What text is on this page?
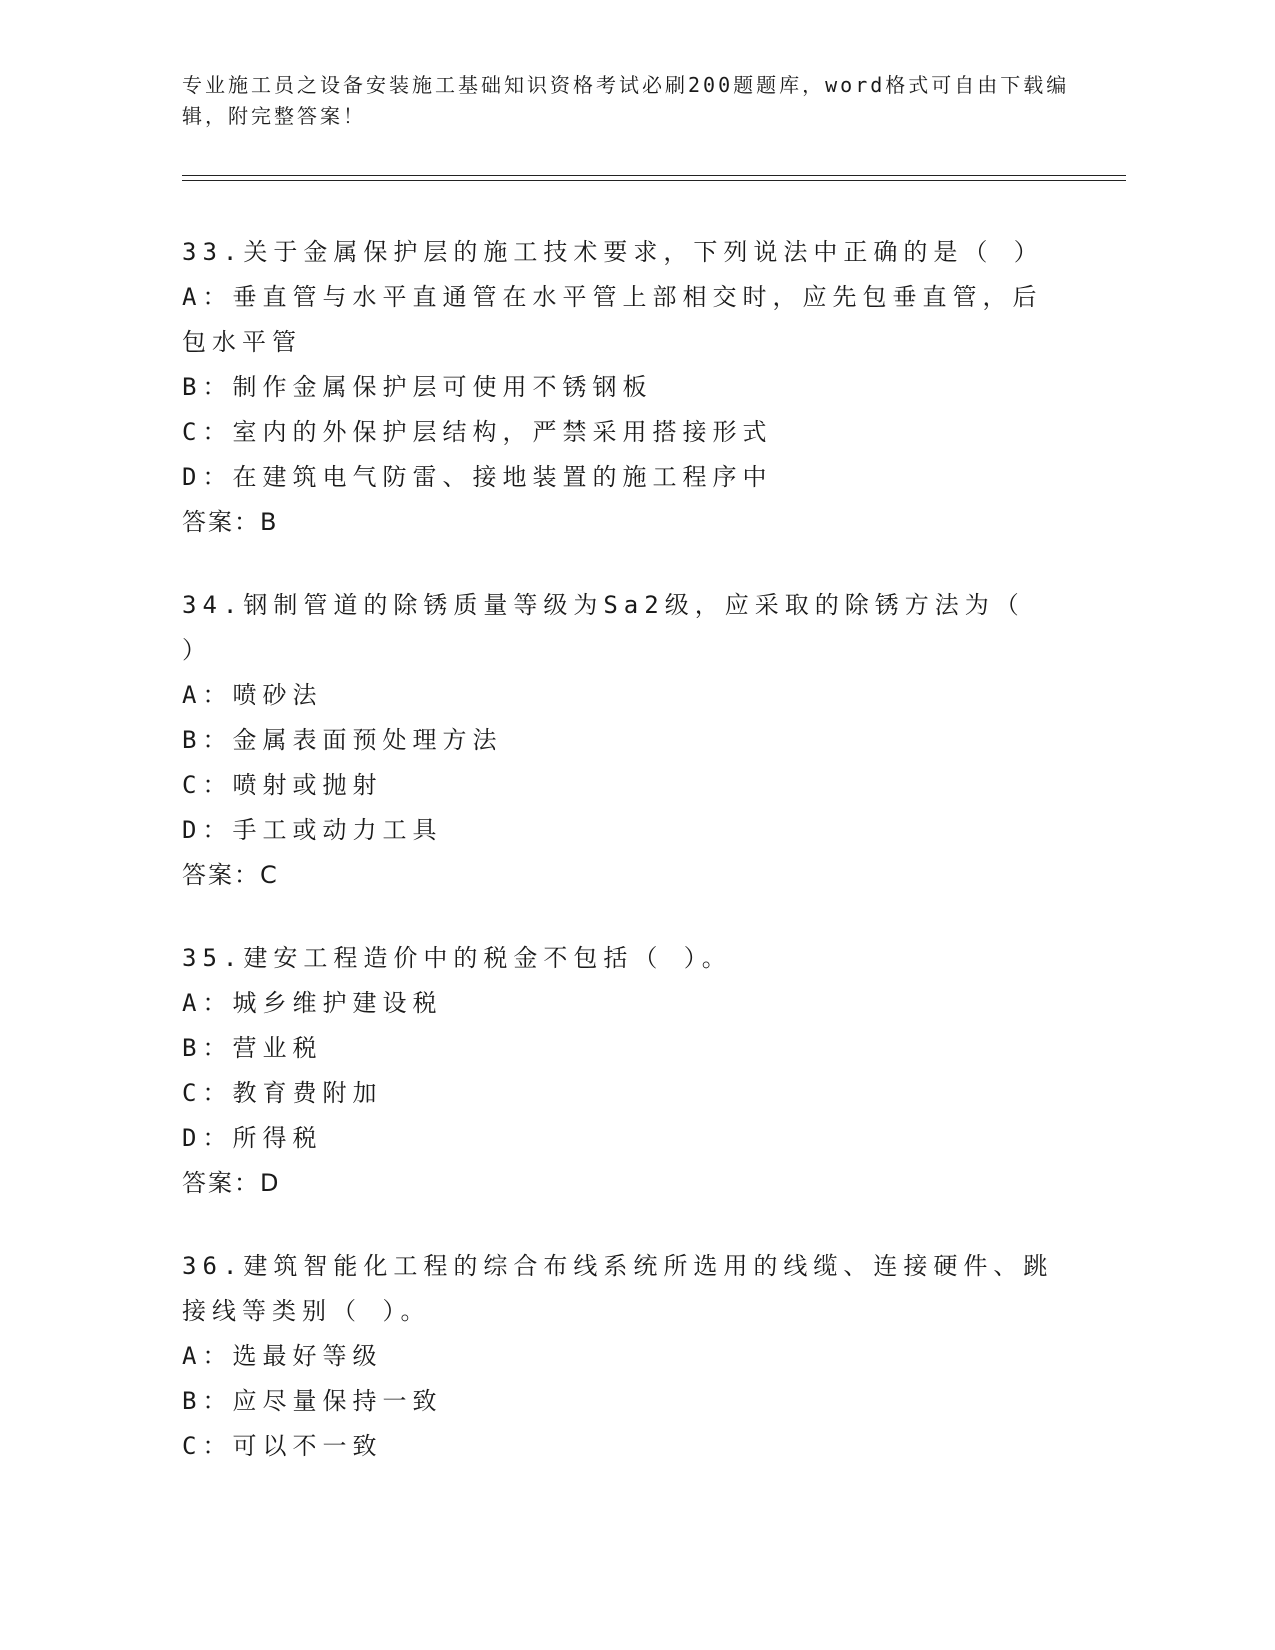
专业施工员之设备安装施工基础知识资格考试必刷200题题库，word格式可自由下载编辑，附完整答案！
33.关于金属保护层的施工技术要求，下列说法中正确的是（ ）
A：垂直管与水平直通管在水平管上部相交时，应先包垂直管，后包水平管
B：制作金属保护层可使用不锈钢板
C：室内的外保护层结构，严禁采用搭接形式
D：在建筑电气防雷、接地装置的施工程序中
答案：B
34.钢制管道的除锈质量等级为Sa2级，应采取的除锈方法为（ ）
A：喷砂法
B：金属表面预处理方法
C：喷射或抛射
D：手工或动力工具
答案：C
35.建安工程造价中的税金不包括（ ）。
A：城乡维护建设税
B：营业税
C：教育费附加
D：所得税
答案：D
36.建筑智能化工程的综合布线系统所选用的线缆、连接硬件、跳接线等类别（ ）。
A：选最好等级
B：应尽量保持一致
C：可以不一致
